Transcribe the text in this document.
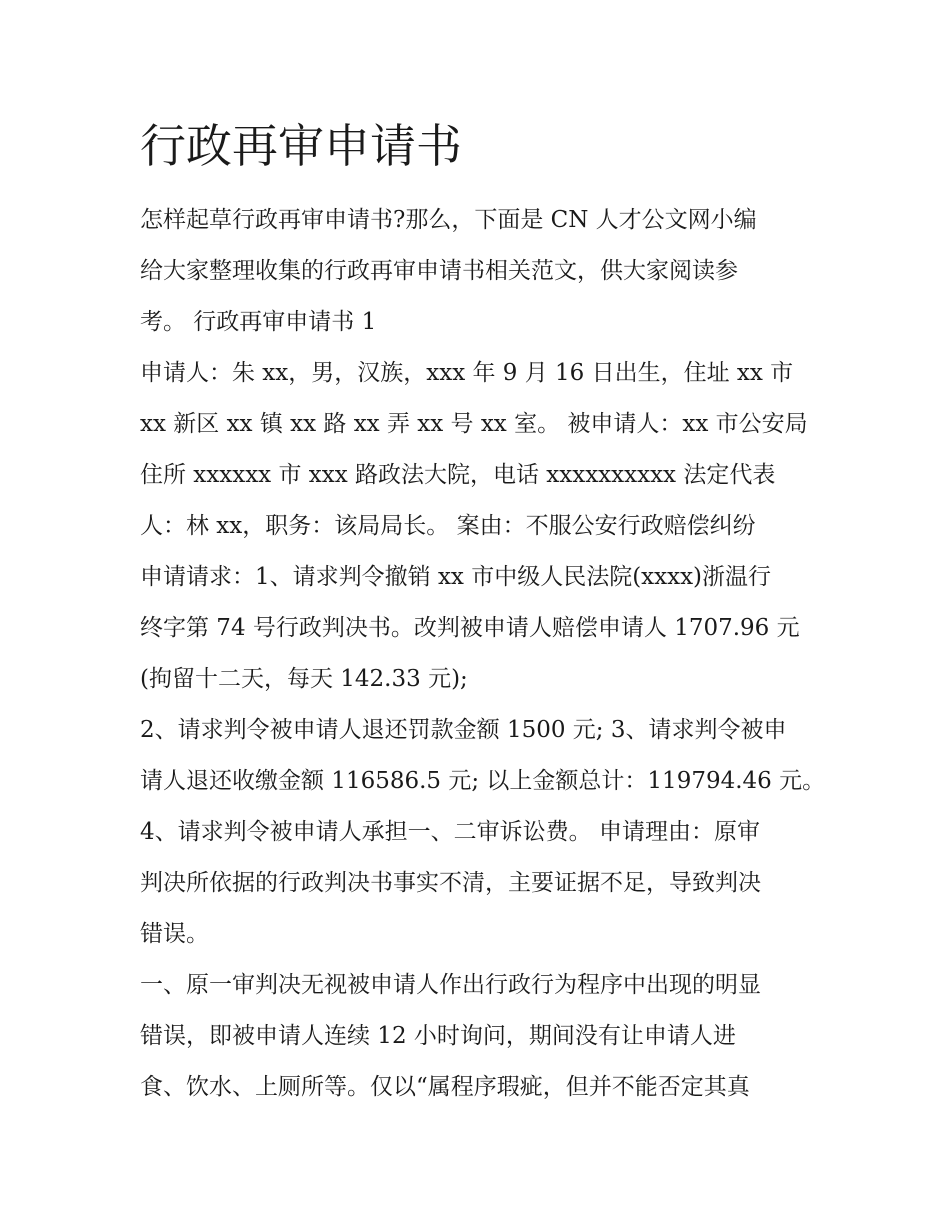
行政再审申请书

怎样起草行政再审申请书?那么，下面是 CN 人才公文网小编

给大家整理收集的行政再审申请书相关范文，供大家阅读参

考。 行政再审申请书 1

申请人：朱 xx，男，汉族，xxx 年 9 月 16 日出生，住址 xx 市

xx 新区 xx 镇 xx 路 xx 弄 xx 号 xx 室。 被申请人：xx 市公安局

住所 xxxxxx 市 xxx 路政法大院，电话 xxxxxxxxxx 法定代表

人：林 xx，职务：该局局长。 案由：不服公安行政赔偿纠纷

申请请求：1、请求判令撤销 xx 市中级人民法院(xxxx)浙温行

终字第 74 号行政判决书。改判被申请人赔偿申请人 1707.96 元

(拘留十二天，每天 142.33 元);

2、请求判令被申请人退还罚款金额 1500 元; 3、请求判令被申

请人退还收缴金额 116586.5 元; 以上金额总计：119794.46 元。

4、请求判令被申请人承担一、二审诉讼费。 申请理由：原审

判决所依据的行政判决书事实不清，主要证据不足，导致判决

错误。

一、原一审判决无视被申请人作出行政行为程序中出现的明显

错误，即被申请人连续 12 小时询问，期间没有让申请人进

食、饮水、上厕所等。仅以“属程序瑕疵，但并不能否定其真
